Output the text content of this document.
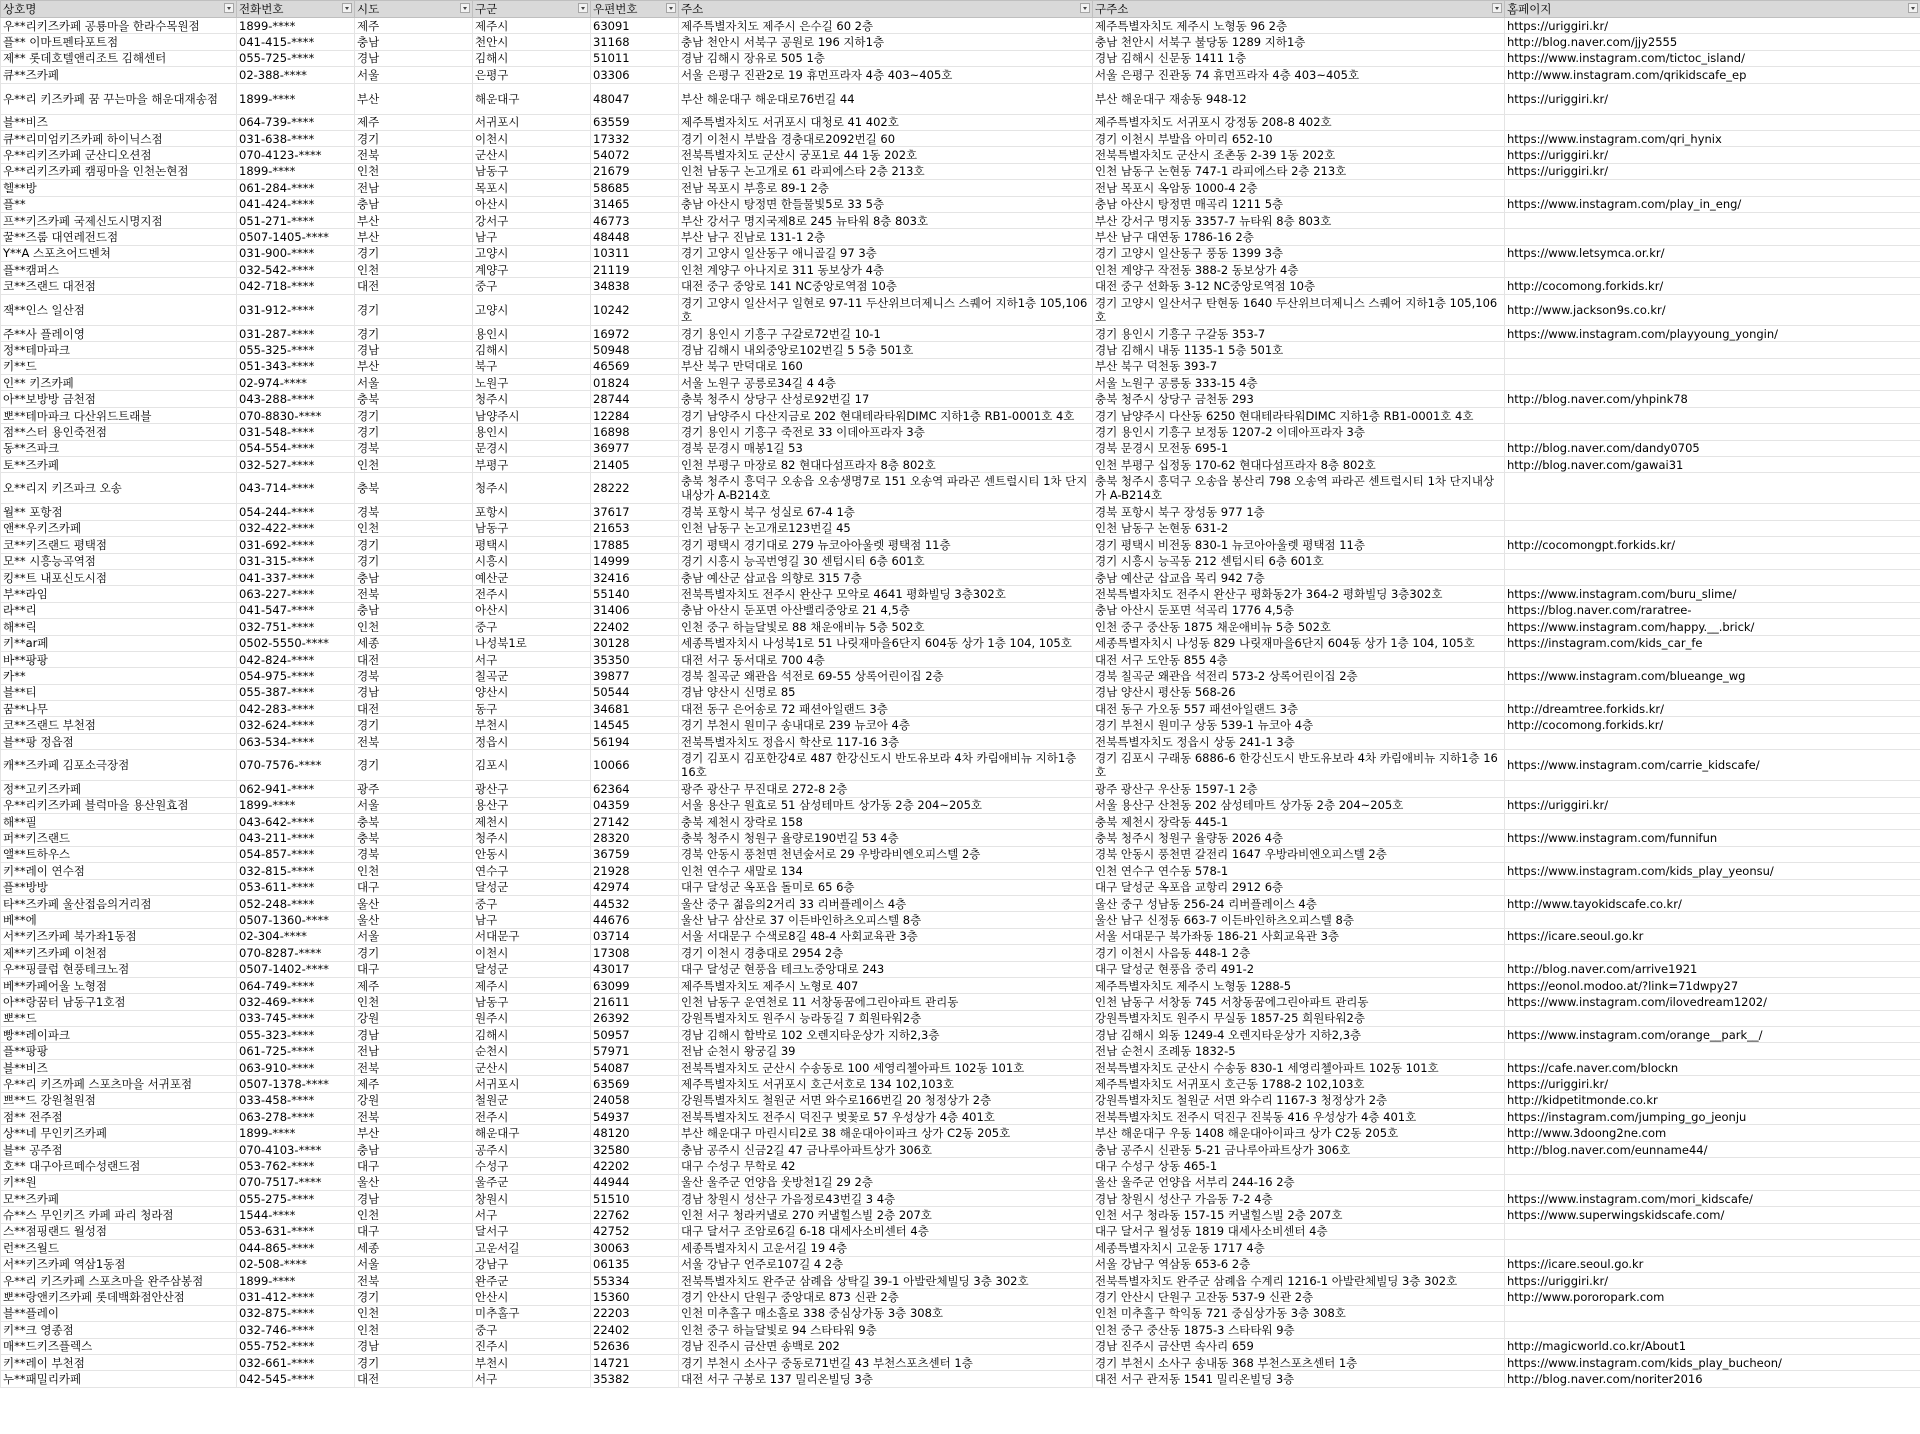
상호명	전화번호	시도	구군	우편번호	주소	구주소	홈페이지

우**리키즈카페 공룡마을 한라수목원점	1899-****	제주	제주시	63091	제주특별자치도 제주시 은수길 60 2층	제주특별자치도 제주시 노형동 96 2층	https://uriggiri.kr/
플** 이마트펜타포트점	041-415-****	충남	천안시	31168	충남 천안시 서북구 공원로 196 지하1층	충남 천안시 서북구 불당동 1289 지하1층	http://blog.naver.com/jjy2555
제** 롯데호텔앤리조트 김해센터	055-725-****	경남	김해시	51011	경남 김해시 장유로 505 1층	경남 김해시 신문동 1411 1층	https://www.instagram.com/tictoc_island/
큐**즈카페	02-388-****	서울	은평구	03306	서울 은평구 진관2로 19 휴먼프라자 4층 403~405호	서울 은평구 진관동 74 휴먼프라자 4층 403~405호	http://www.instagram.com/qrikidscafe_ep
우**리 키즈카페 꿈 꾸는마을 해운대재송점	1899-****	부산	해운대구	48047	부산 해운대구 해운대로76번길 44	부산 해운대구 재송동 948-12	https://uriggiri.kr/
블**비즈	064-739-****	제주	서귀포시	63559	제주특별자치도 서귀포시 대청로 41 402호	제주특별자치도 서귀포시 강정동 208-8 402호	
큐**리미엄키즈카페 하이닉스점	031-638-****	경기	이천시	17332	경기 이천시 부발읍 경충대로2092번길 60	경기 이천시 부발읍 아미리 652-10	https://www.instagram.com/qri_hynix
우**리키즈카페 군산디오션점	070-4123-****	전북	군산시	54072	전북특별자치도 군산시 궁포1로 44 1동 202호	전북특별자치도 군산시 조촌동 2-39 1동 202호	https://uriggiri.kr/
우**리키즈카페 캠핑마을 인천논현점	1899-****	인천	남동구	21679	인천 남동구 논고개로 61 라피에스타 2층 213호	인천 남동구 논현동 747-1 라피에스타 2층 213호	https://uriggiri.kr/
헬**방	061-284-****	전남	목포시	58685	전남 목포시 부흥로 89-1 2층	전남 목포시 옥암동 1000-4 2층	
플**	041-424-****	충남	아산시	31465	충남 아산시 탕정면 한들물빛5로 33 5층	충남 아산시 탕정면 매곡리 1211 5층	https://www.instagram.com/play_in_eng/
프**키즈카페 국제신도시명지점	051-271-****	부산	강서구	46773	부산 강서구 명지국제8로 245 뉴타워 8층 803호	부산 강서구 명지동 3357-7 뉴타워 8층 803호	
꿀**즈룸 대연레전드점	0507-1405-****	부산	남구	48448	부산 남구 진남로 131-1 2층	부산 남구 대연동 1786-16 2층	
Y**A 스포츠어드벤쳐	031-900-****	경기	고양시	10311	경기 고양시 일산동구 애니골길 97 3층	경기 고양시 일산동구 풍동 1399 3층	https://www.letsymca.or.kr/
플**캠퍼스	032-542-****	인천	계양구	21119	인천 계양구 아나지로 311 동보상가 4층	인천 계양구 작전동 388-2 동보상가 4층	
코**즈랜드 대전점	042-718-****	대전	중구	34838	대전 중구 중앙로 141 NC중앙로역점 10층	대전 중구 선화동 3-12 NC중앙로역점 10층	http://cocomong.forkids.kr/
잭**인스 일산점	031-912-****	경기	고양시	10242	경기 고양시 일산서구 일현로 97-11 두산위브더제니스 스퀘어 지하1층 105,106호	경기 고양시 일산서구 탄현동 1640 두산위브더제니스 스퀘어 지하1층 105,106호	http://www.jackson9s.co.kr/
주**사 플레이영	031-287-****	경기	용인시	16972	경기 용인시 기흥구 구갈로72번길 10-1	경기 용인시 기흥구 구갈동 353-7	https://www.instagram.com/playyoung_yongin/
정**테마파크	055-325-****	경남	김해시	50948	경남 김해시 내외중앙로102번길 5 5층 501호	경남 김해시 내동 1135-1 5층 501호	
키**드	051-343-****	부산	북구	46569	부산 북구 만덕대로 160	부산 북구 덕천동 393-7	
인** 키즈카페	02-974-****	서울	노원구	01824	서울 노원구 공릉로34길 4 4층	서울 노원구 공릉동 333-15 4층	
아**보방방 금천점	043-288-****	충북	청주시	28744	충북 청주시 상당구 산성로92번길 17	충북 청주시 상당구 금천동 293	http://blog.naver.com/yhpink78
뽀**테마파크 다산위드트래블	070-8830-****	경기	남양주시	12284	경기 남양주시 다산지금로 202 현대테라타워DIMC 지하1층 RB1-0001호 4호	경기 남양주시 다산동 6250 현대테라타워DIMC 지하1층 RB1-0001호 4호	
점**스터 용인죽전점	031-548-****	경기	용인시	16898	경기 용인시 기흥구 죽전로 33 이데아프라자 3층	경기 용인시 기흥구 보정동 1207-2 이데아프라자 3층	
동**즈파크	054-554-****	경북	문경시	36977	경북 문경시 매봉1길 53	경북 문경시 모전동 695-1	http://blog.naver.com/dandy0705
토**즈카페	032-527-****	인천	부평구	21405	인천 부평구 마장로 82 현대다섬프라자 8층 802호	인천 부평구 십정동 170-62 현대다섬프라자 8층 802호	http://blog.naver.com/gawai31
오**리지 키즈파크 오송	043-714-****	충북	청주시	28222	충북 청주시 흥덕구 오송읍 오송생명7로 151 오송역 파라곤 센트럴시티 1차 단지내상가 A-B214호	충북 청주시 흥덕구 오송읍 봉산리 798 오송역 파라곤 센트럴시티 1차 단지내상가 A-B214호	
월** 포항점	054-244-****	경북	포항시	37617	경북 포항시 북구 성실로 67-4 1층	경북 포항시 북구 장성동 977 1층	
앤**우키즈카페	032-422-****	인천	남동구	21653	인천 남동구 논고개로123번길 45	인천 남동구 논현동 631-2	
코**키즈랜드 평택점	031-692-****	경기	평택시	17885	경기 평택시 경기대로 279 뉴코아아울렛 평택점 11층	경기 평택시 비전동 830-1 뉴코아아울렛 평택점 11층	http://cocomongpt.forkids.kr/
모** 시흥능곡역점	031-315-****	경기	시흥시	14999	경기 시흥시 능곡번영길 30 센텀시티 6층 601호	경기 시흥시 능곡동 212 센텀시티 6층 601호	
킹**트 내포신도시점	041-337-****	충남	예산군	32416	충남 예산군 삽교읍 의향로 315 7층	충남 예산군 삽교읍 목리 942 7층	
부**라임	063-227-****	전북	전주시	55140	전북특별자치도 전주시 완산구 모악로 4641 평화빌딩 3층302호	전북특별자치도 전주시 완산구 평화동2가 364-2 평화빌딩 3층302호	https://www.instagram.com/buru_slime/
라**리	041-547-****	충남	아산시	31406	충남 아산시 둔포면 아산밸리중앙로 21 4,5층	충남 아산시 둔포면 석곡리 1776 4,5층	https://blog.naver.com/raratree-
해**릭	032-751-****	인천	중구	22402	인천 중구 하늘달빛로 88 채운애비뉴 5층 502호	인천 중구 중산동 1875 채운애비뉴 5층 502호	https://www.instagram.com/happy.__.brick/
키**ar페	0502-5550-****	세종	나성북1로	30128	세종특별자치시 나성북1로 51 나릿재마을6단지 604동 상가 1층 104, 105호	세종특별자치시 나성동 829 나릿재마을6단지 604동 상가 1층 104, 105호	https://instagram.com/kids_car_fe
바**팡팡	042-824-****	대전	서구	35350	대전 서구 동서대로 700 4층	대전 서구 도안동 855 4층	
카**	054-975-****	경북	칠곡군	39877	경북 칠곡군 왜관읍 석전로 69-55 상록어린이집 2층	경북 칠곡군 왜관읍 석전리 573-2 상록어린이집 2층	https://www.instagram.com/blueange_wg
블**티	055-387-****	경남	양산시	50544	경남 양산시 신명로 85	경남 양산시 평산동 568-26	
꿈**나무	042-283-****	대전	동구	34681	대전 동구 은어송로 72 패션아일랜드 3층	대전 동구 가오동 557 패션아일랜드 3층	http://dreamtree.forkids.kr/
코**즈랜드 부천점	032-624-****	경기	부천시	14545	경기 부천시 원미구 송내대로 239 뉴코아 4층	경기 부천시 원미구 상동 539-1 뉴코아 4층	http://cocomong.forkids.kr/
블**팡 정읍점	063-534-****	전북	정읍시	56194	전북특별자치도 정읍시 학산로 117-16 3층	전북특별자치도 정읍시 상동 241-1 3층	
캐**즈카페 김포소극장점	070-7576-****	경기	김포시	10066	경기 김포시 김포한강4로 487 한강신도시 반도유보라 4차 카림애비뉴 지하1층 16호	경기 김포시 구래동 6886-6 한강신도시 반도유보라 4차 카림애비뉴 지하1층 16호	https://www.instagram.com/carrie_kidscafe/
정**고키즈카페	062-941-****	광주	광산구	62364	광주 광산구 무진대로 272-8 2층	광주 광산구 우산동 1597-1 2층	
우**리키즈카페 블럭마을 용산원효점	1899-****	서울	용산구	04359	서울 용산구 원효로 51 삼성테마트 상가동 2층 204~205호	서울 용산구 산천동 202 삼성테마트 상가동 2층 204~205호	https://uriggiri.kr/
해**필	043-642-****	충북	제천시	27142	충북 제천시 장락로 158	충북 제천시 장락동 445-1	
퍼**키즈랜드	043-211-****	충북	청주시	28320	충북 청주시 청원구 율량로190번길 53 4층	충북 청주시 청원구 율량동 2026 4층	https://www.instagram.com/funnifun
앨**트하우스	054-857-****	경북	안동시	36759	경북 안동시 풍천면 천년숲서로 29 우방라비엔오피스텔 2층	경북 안동시 풍천면 갈전리 1647 우방라비엔오피스텔 2층	
키**레이 연수점	032-815-****	인천	연수구	21928	인천 연수구 새말로 134	인천 연수구 연수동 578-1	https://www.instagram.com/kids_play_yeonsu/
플**방방	053-611-****	대구	달성군	42974	대구 달성군 옥포읍 돌미로 65 6층	대구 달성군 옥포읍 교항리 2912 6층	
타**즈카페 울산접음의거리점	052-248-****	울산	중구	44532	울산 중구 젊음의2거리 33 리버플레이스 4층	울산 중구 성남동 256-24 리버플레이스 4층	http://www.tayokidscafe.co.kr/
베**에	0507-1360-****	울산	남구	44676	울산 남구 삼산로 37 이든바인하츠오피스텔 8층	울산 남구 신정동 663-7 이든바인하츠오피스텔 8층	
서**키즈카페 북가좌1동점	02-304-****	서울	서대문구	03714	서울 서대문구 수색로8길 48-4 사회교육관 3층	서울 서대문구 북가좌동 186-21 사회교육관 3층	https://icare.seoul.go.kr
제**키즈카페 이천점	070-8287-****	경기	이천시	17308	경기 이천시 경충대로 2954 2층	경기 이천시 사음동 448-1 2층	
우**핑클럽 현풍테크노점	0507-1402-****	대구	달성군	43017	대구 달성군 현풍읍 테크노중앙대로 243	대구 달성군 현풍읍 중리 491-2	http://blog.naver.com/arrive1921
베**카페어울 노형점	064-749-****	제주	제주시	63099	제주특별자치도 제주시 노형로 407	제주특별자치도 제주시 노형동 1288-5	https://eonol.modoo.at/?link=71dwpy27
아**랑꿈터 남동구1호점	032-469-****	인천	남동구	21611	인천 남동구 운연천로 11 서창동꿈에그린아파트 관리동	인천 남동구 서창동 745 서창동꿈에그린아파트 관리동	https://www.instagram.com/ilovedream1202/
뽀**드	033-745-****	강원	원주시	26392	강원특별자치도 원주시 능라동길 7 희원타워2층	강원특별자치도 원주시 무실동 1857-25 희원타워2층	
빵**레이파크	055-323-****	경남	김해시	50957	경남 김해시 함박로 102 오렌지타운상가 지하2,3층	경남 김해시 외동 1249-4 오렌지타운상가 지하2,3층	https://www.instagram.com/orange__park__/
플**팡팡	061-725-****	전남	순천시	57971	전남 순천시 왕궁길 39	전남 순천시 조례동 1832-5	
블**비즈	063-910-****	전북	군산시	54087	전북특별자치도 군산시 수송동로 100 세영리첼아파트 102동 101호	전북특별자치도 군산시 수송동 830-1 세영리첼아파트 102동 101호	https://cafe.naver.com/blockn
우**리 키즈까페 스포츠마을 서귀포점	0507-1378-****	제주	서귀포시	63569	제주특별자치도 서귀포시 호근서호로 134 102,103호	제주특별자치도 서귀포시 호근동 1788-2 102,103호	https://uriggiri.kr/
쁘**드 강원철원점	033-458-****	강원	철원군	24058	강원특별자치도 철원군 서면 와수로166번길 20 청정상가 2층	강원특별자치도 철원군 서면 와수리 1167-3 청정상가 2층	http://kidpetitmonde.co.kr
점** 전주점	063-278-****	전북	전주시	54937	전북특별자치도 전주시 덕진구 벚꽃로 57 우성상가 4층 401호	전북특별자치도 전주시 덕진구 진북동 416 우성상가 4층 401호	https://instagram.com/jumping_go_jeonju
상**네 무인키즈카페	1899-****	부산	해운대구	48120	부산 해운대구 마린시티2로 38 해운대아이파크 상가 C2동 205호	부산 해운대구 우동 1408 해운대아이파크 상가 C2동 205호	http://www.3doong2ne.com
블** 공주점	070-4103-****	충남	공주시	32580	충남 공주시 신금2길 47 금나루아파트상가 306호	충남 공주시 신관동 5-21 금나루아파트상가 306호	http://blog.naver.com/eunname44/
호** 대구아르떼수성랜드점	053-762-****	대구	수성구	42202	대구 수성구 무학로 42	대구 수성구 상동 465-1	
키**원	070-7517-****	울산	울주군	44944	울산 울주군 언양읍 웃방천1길 29 2층	울산 울주군 언양읍 서부리 244-16 2층	
모**즈카페	055-275-****	경남	창원시	51510	경남 창원시 성산구 가음정로43번길 3 4층	경남 창원시 성산구 가음동 7-2 4층	https://www.instagram.com/mori_kidscafe/
슈**스 무인키즈 카페 파리 청라점	1544-****	인천	서구	22762	인천 서구 청라커낼로 270 커낼힐스빌 2층 207호	인천 서구 청라동 157-15 커낼힐스빌 2층 207호	https://www.superwingskidscafe.com/
스**점핑랜드 월성점	053-631-****	대구	달서구	42752	대구 달서구 조암로6길 6-18 대세사소비센터 4층	대구 달서구 월성동 1819 대세사소비센터 4층	
런**즈월드	044-865-****	세종	고운서길	30063	세종특별자치시 고운서길 19 4층	세종특별자치시 고운동 1717 4층	
서**키즈카페 역삼1동점	02-508-****	서울	강남구	06135	서울 강남구 언주로107길 4 2층	서울 강남구 역삼동 653-6 2층	https://icare.seoul.go.kr
우**리 키즈카페 스포츠마을 완주삼봉점	1899-****	전북	완주군	55334	전북특별자치도 완주군 삼례읍 상탁길 39-1 아발란체빌딩 3층 302호	전북특별자치도 완주군 삼례읍 수계리 1216-1 아발란체빌딩 3층 302호	https://uriggiri.kr/
뽀**랑앤키즈카페 롯데백화점안산점	031-412-****	경기	안산시	15360	경기 안산시 단원구 중앙대로 873 신관 2층	경기 안산시 단원구 고잔동 537-9 신관 2층	http://www.pororopark.com
블**플레이	032-875-****	인천	미추홀구	22203	인천 미추홀구 매소홀로 338 중심상가동 3층 308호	인천 미추홀구 학익동 721 중심상가동 3층 308호	
키**크 영종점	032-746-****	인천	중구	22402	인천 중구 하늘달빛로 94 스타타워 9층	인천 중구 중산동 1875-3 스타타워 9층	
매**드키즈플렉스	055-752-****	경남	진주시	52636	경남 진주시 금산면 송백로 202	경남 진주시 금산면 속사리 659	http://magicworld.co.kr/About1
키**레이 부천점	032-661-****	경기	부천시	14721	경기 부천시 소사구 중동로71번길 43 부천스포츠센터 1층	경기 부천시 소사구 송내동 368 부천스포츠센터 1층	https://www.instagram.com/kids_play_bucheon/
누**패밀리카페	042-545-****	대전	서구	35382	대전 서구 구봉로 137 밀리온빌딩 3층	대전 서구 관저동 1541 밀리온빌딩 3층	http://blog.naver.com/noriter2016
